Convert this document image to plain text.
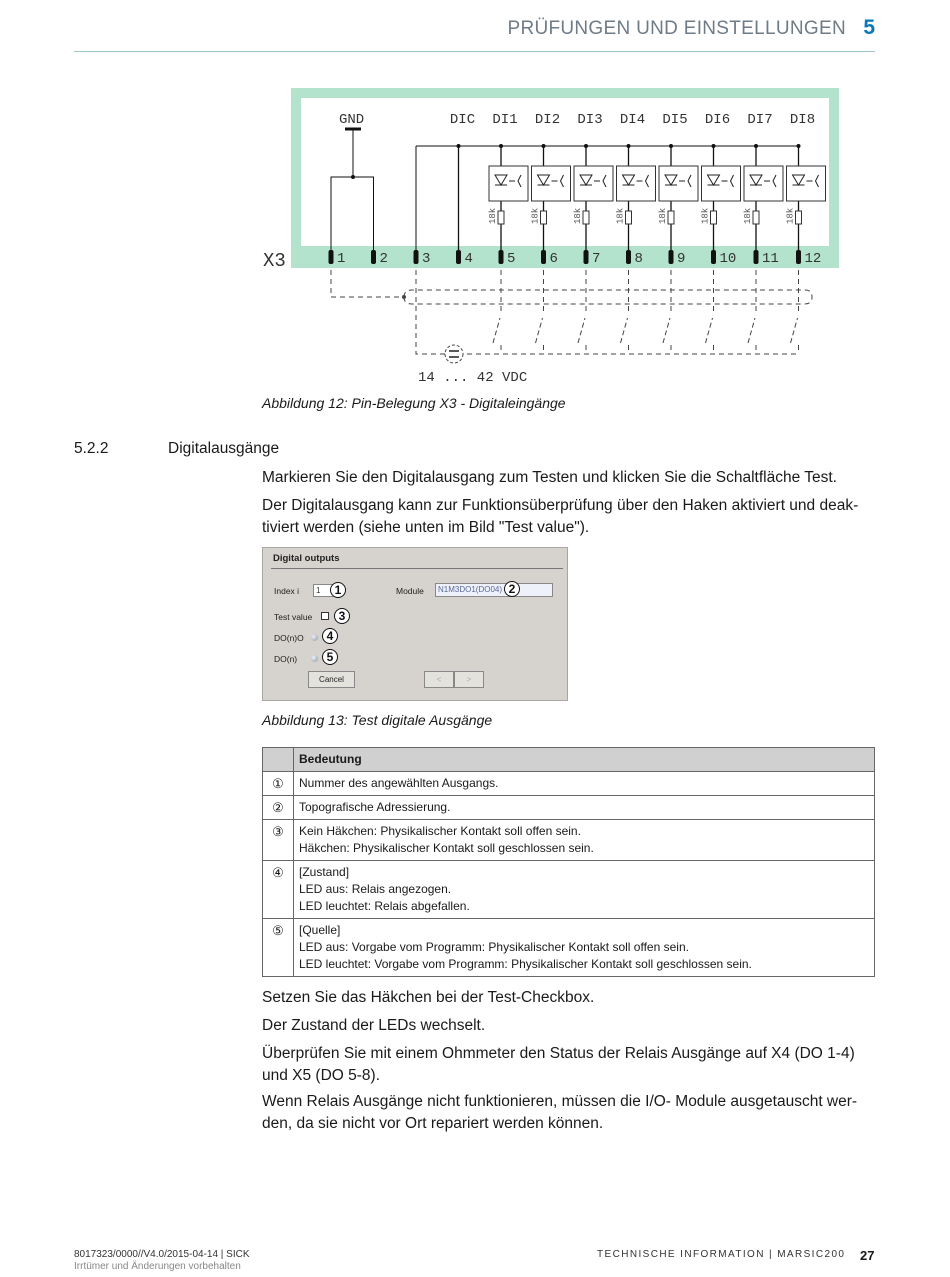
PRÜFUNGEN UND EINSTELLUNGEN 5
X3
GND	DIC DI1
18k
DI2
18k
DI3
18k
DI4
18k
DI5
18k
DI6
18k
DI7
18k
DI8
18k
1 2 3 4 5 6 7 8 9 10 11 12
14 ... 42 VDC
Abbildung 12: Pin-Belegung X3 - Digitaleingänge
5.2.2	Digitalausgänge
Markieren Sie den Digitalausgang zum Testen und klicken Sie die Schaltfläche Test.
Der Digitalausgang kann zur Funktionsüberprüfung über den Haken aktiviert und deaktiviert werden (siehe unten im Bild "Test value").
Digital outputs
Index i	1	1	Module	N1M3DO1(DO04) 2
Test value	3
DO(n)O	4
DO(n)	5
Cancel	<	>
Abbildung 13: Test digitale Ausgänge
	Bedeutung
①	Nummer des angewählten Ausgangs.

②	Topografische Adressierung.

③	Kein Häkchen: Physikalischer Kontakt soll offen sein.
Häkchen: Physikalischer Kontakt soll geschlossen sein.

④	[Zustand]
LED aus: Relais angezogen.
LED leuchtet: Relais abgefallen.

⑤	[Quelle]
LED aus: Vorgabe vom Programm: Physikalischer Kontakt soll offen sein.
LED leuchtet: Vorgabe vom Programm: Physikalischer Kontakt soll geschlossen sein.
Setzen Sie das Häkchen bei der Test-Checkbox.
Der Zustand der LEDs wechselt.
Überprüfen Sie mit einem Ohmmeter den Status der Relais Ausgänge auf X4 (DO 1-4) und X5 (DO 5-8).
Wenn Relais Ausgänge nicht funktionieren, müssen die I/O- Module ausgetauscht werden, da sie nicht vor Ort repariert werden können.
8017323/0000//V4.0/2015-04-14 | SICK
Irrtümer und Änderungen vorbehalten
TECHNISCHE INFORMATION | MARSIC200 27
